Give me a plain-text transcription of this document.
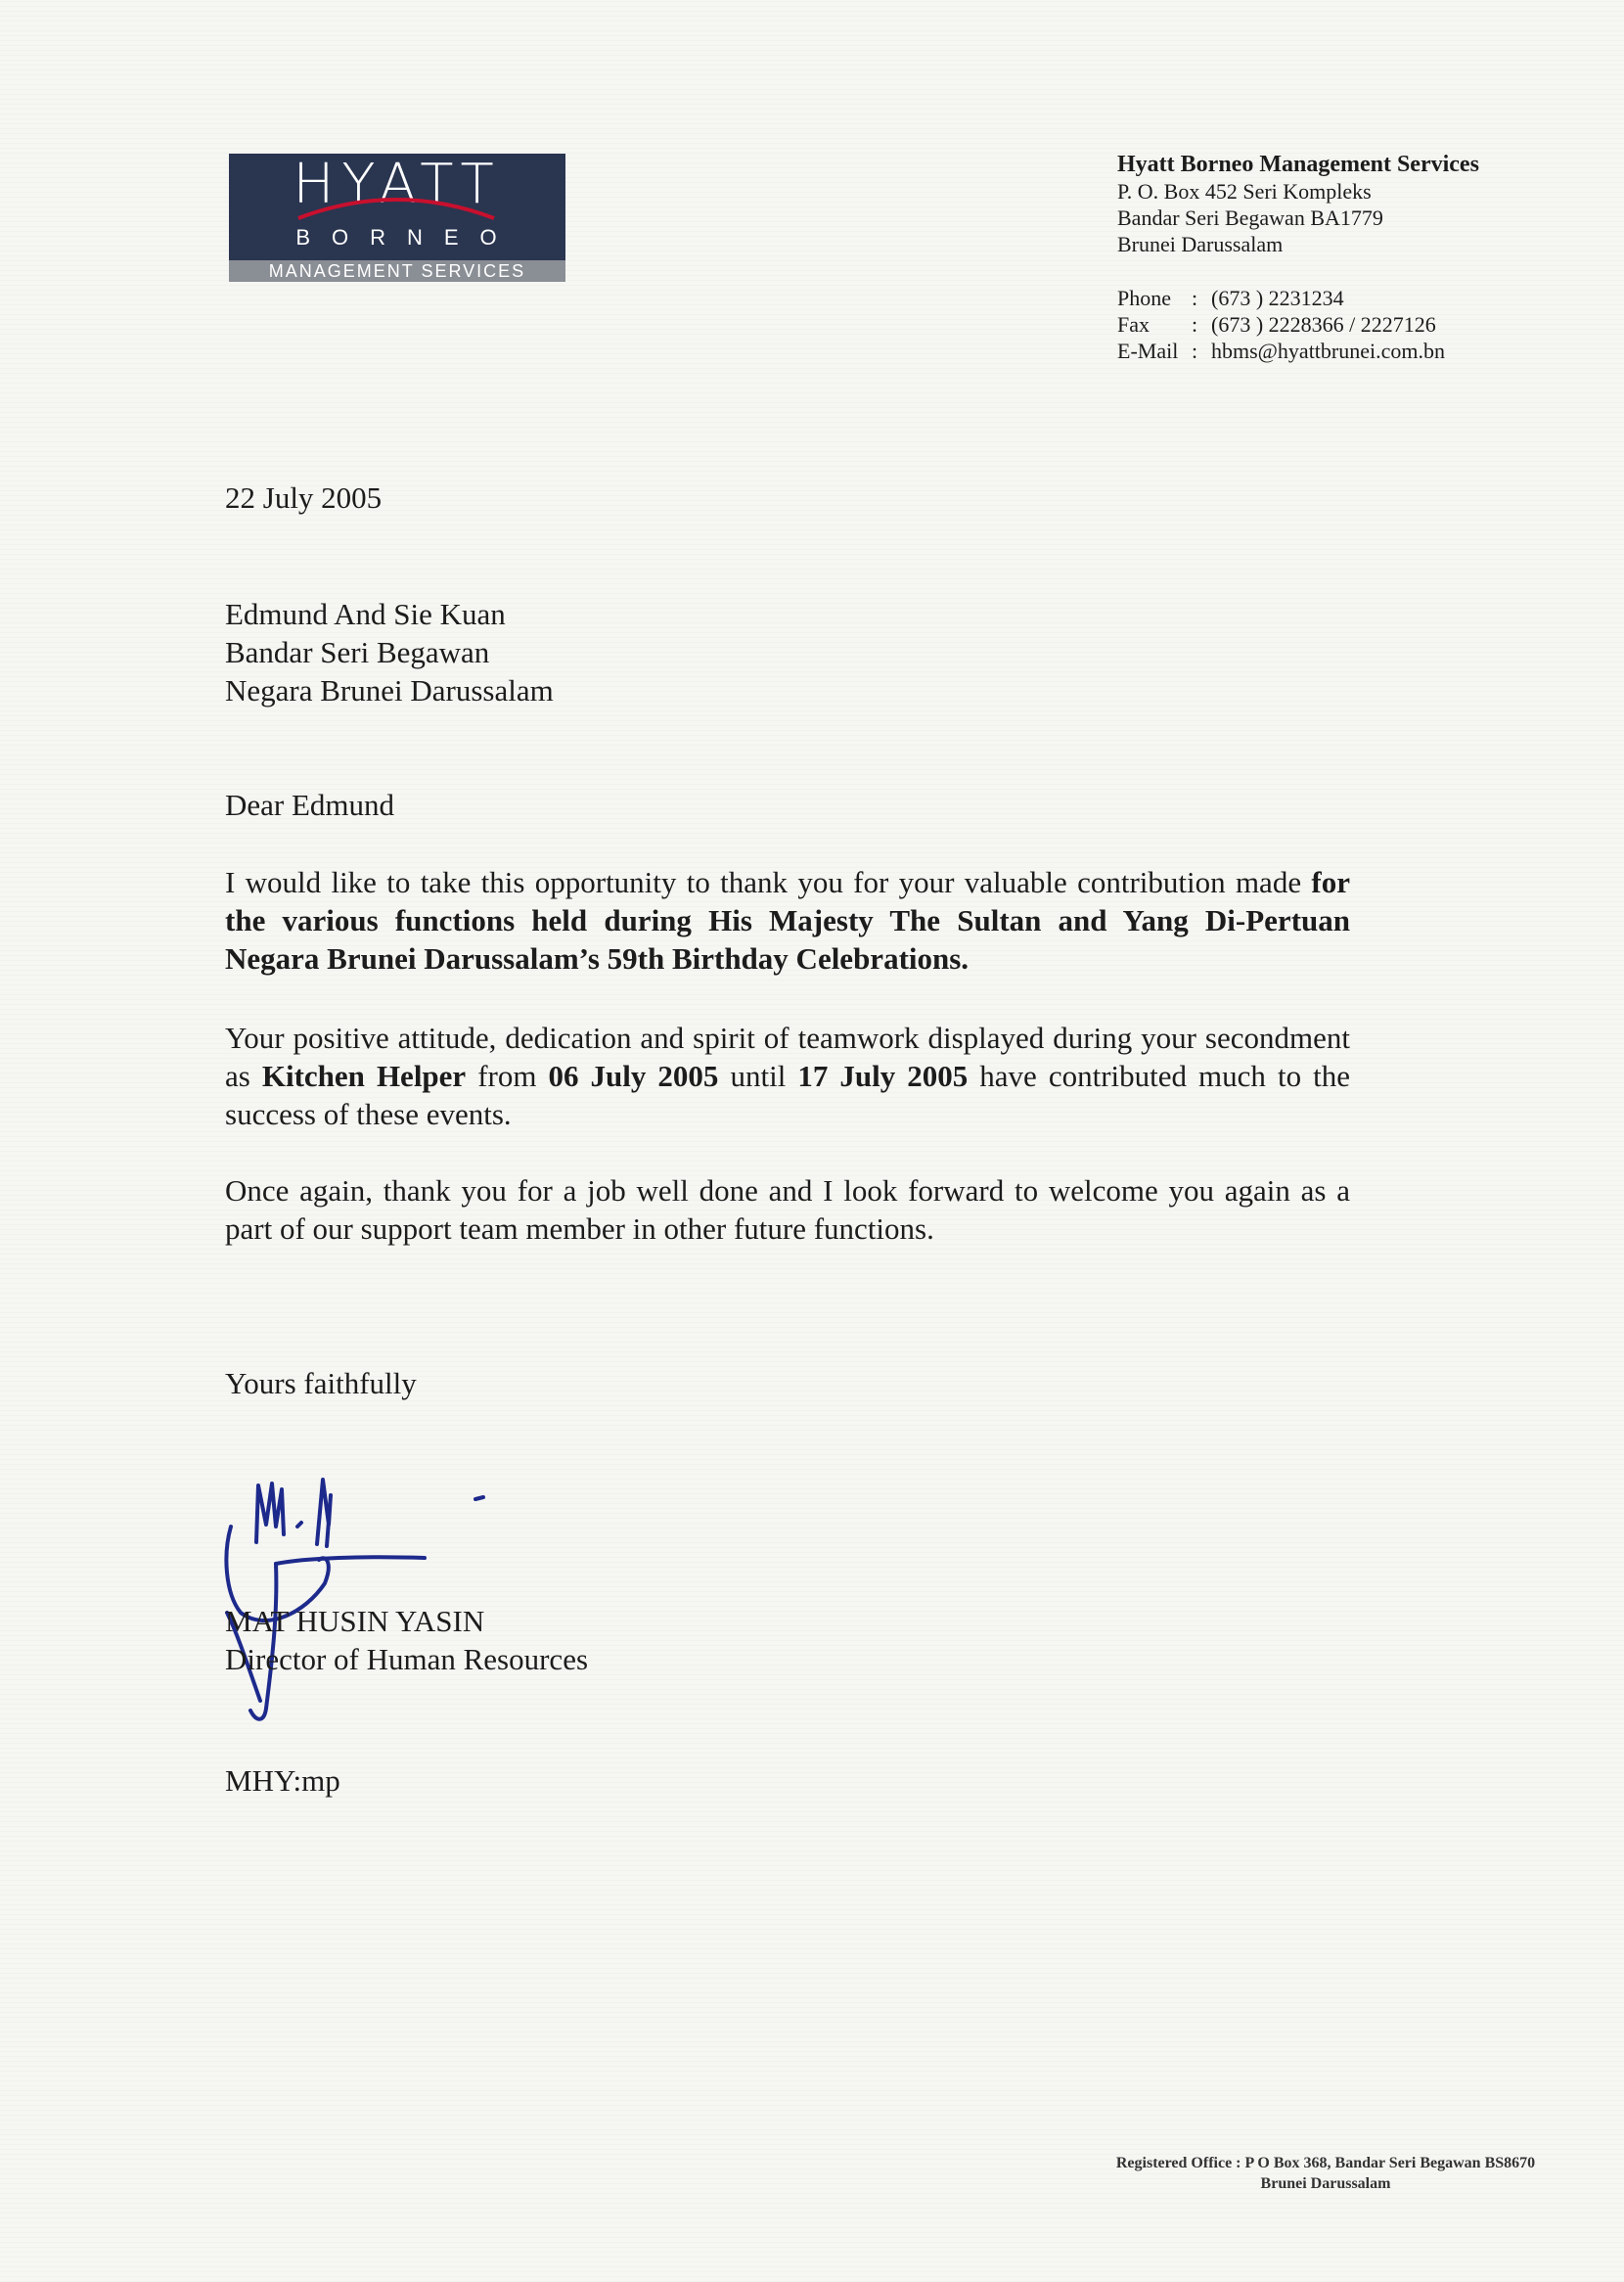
HYATT
BORNEO
MANAGEMENT SERVICES
Hyatt Borneo Management Services
P. O. Box 452 Seri Kompleks
Bandar Seri Begawan BA1779
Brunei Darussalam
Phone : (673 ) 2231234
Fax	: (673 ) 2228366 / 2227126
E-Mail : hbms@hyattbrunei.com.bn

22 July 2005
Edmund And Sie Kuan
Bandar Seri Begawan
Negara Brunei Darussalam
Dear Edmund
I would like to take this opportunity to thank you for your valuable contribution made for the various functions held during His Majesty The Sultan and Yang Di-Pertuan Negara Brunei Darussalam’s 59th Birthday Celebrations.
Your positive attitude, dedication and spirit of teamwork displayed during your secondment as Kitchen Helper from 06 July 2005 until 17 July 2005 have contributed much to the success of these events.
Once again, thank you for a job well done and I look forward to welcome you again as a part of our support team member in other future functions.
Yours faithfully
MAT HUSIN YASIN
Director of Human Resources
MHY:mp
Registered Office : P O Box 368, Bandar Seri Begawan BS8670
Brunei Darussalam
